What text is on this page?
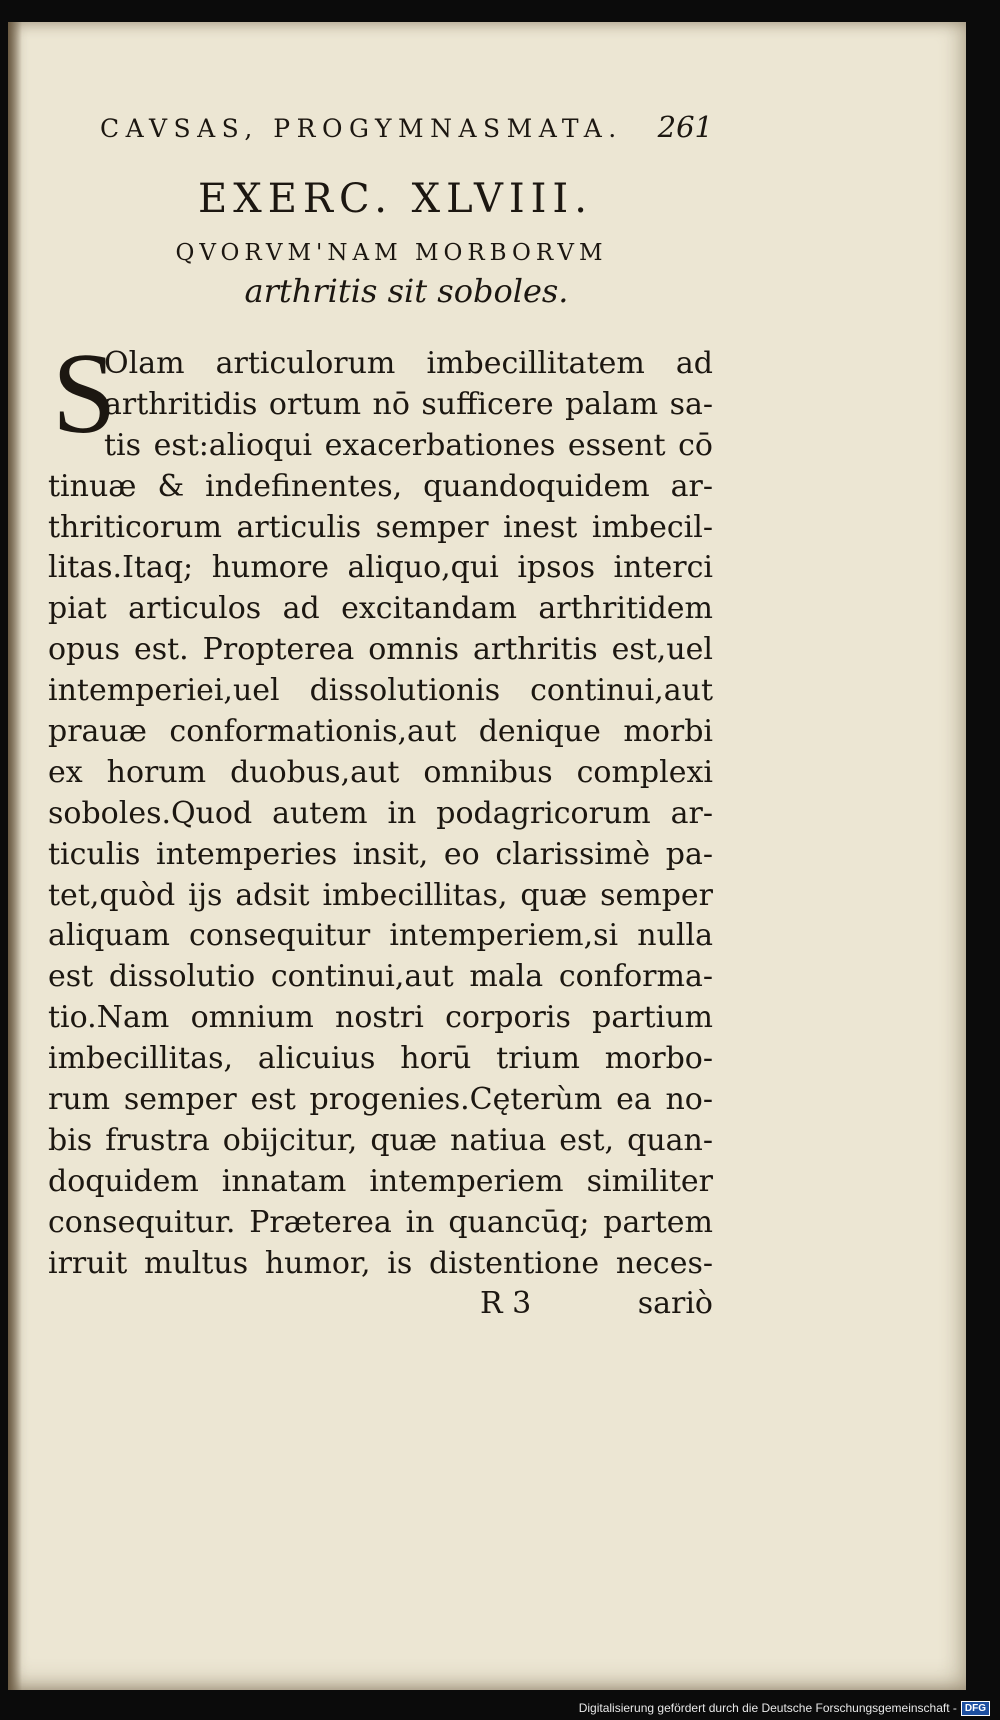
CAVSAS, PROGYMNASMATA. 261
EXERC. XLVIII.
QVORVM'NAM MORBORVM
arthritis sit soboles.
S
Olam articulorum imbecillitatem ad
arthritidis ortum nō sufficere palam sa-
tis est:alioqui exacerbationes essent cō
tinuæ & indefinentes, quandoquidem ar-
thriticorum articulis semper inest imbecil-
litas.Itaq; humore aliquo,qui ipsos interci
piat articulos ad excitandam arthritidem
opus est. Propterea omnis arthritis est,uel
intemperiei,uel dissolutionis continui,aut
prauæ conformationis,aut denique morbi
ex horum duobus,aut omnibus complexi
soboles.Quod autem in podagricorum ar-
ticulis intemperies insit, eo clarissimè pa-
tet,quòd ijs adsit imbecillitas, quæ semper
aliquam consequitur intemperiem,si nulla
est dissolutio continui,aut mala conforma-
tio.Nam omnium nostri corporis partium
imbecillitas, alicuius horū trium morbo-
rum semper est progenies.Cęterùm ea no-
bis frustra obijcitur, quæ natiua est, quan-
doquidem innatam intemperiem similiter
consequitur. Præterea in quancūq; partem
irruit multus humor, is distentione neces-
R 3	sariò
Digitalisierung gefördert durch die Deutsche Forschungsgemeinschaft - DFG
